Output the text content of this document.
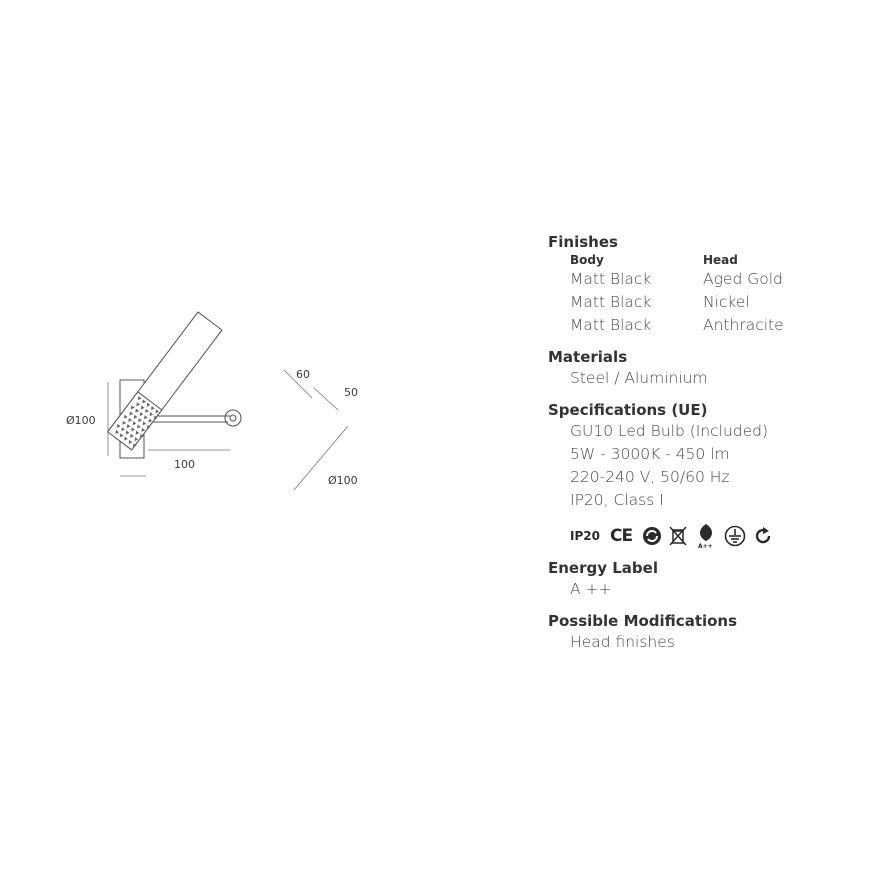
Ø100
100
60
50
Ø100
Finishes
Body	Head
Matt Black	Aged Gold
Matt Black	Nickel
Matt Black	Anthracite
Materials
Steel / Aluminium
Specifications (UE)
GU10 Led Bulb (Included)
5W - 3000K - 450 lm
220-240 V, 50/60 Hz
IP20, Class I
IP20 CE
A++
Energy Label
A ++
Possible Modifications
Head finishes
